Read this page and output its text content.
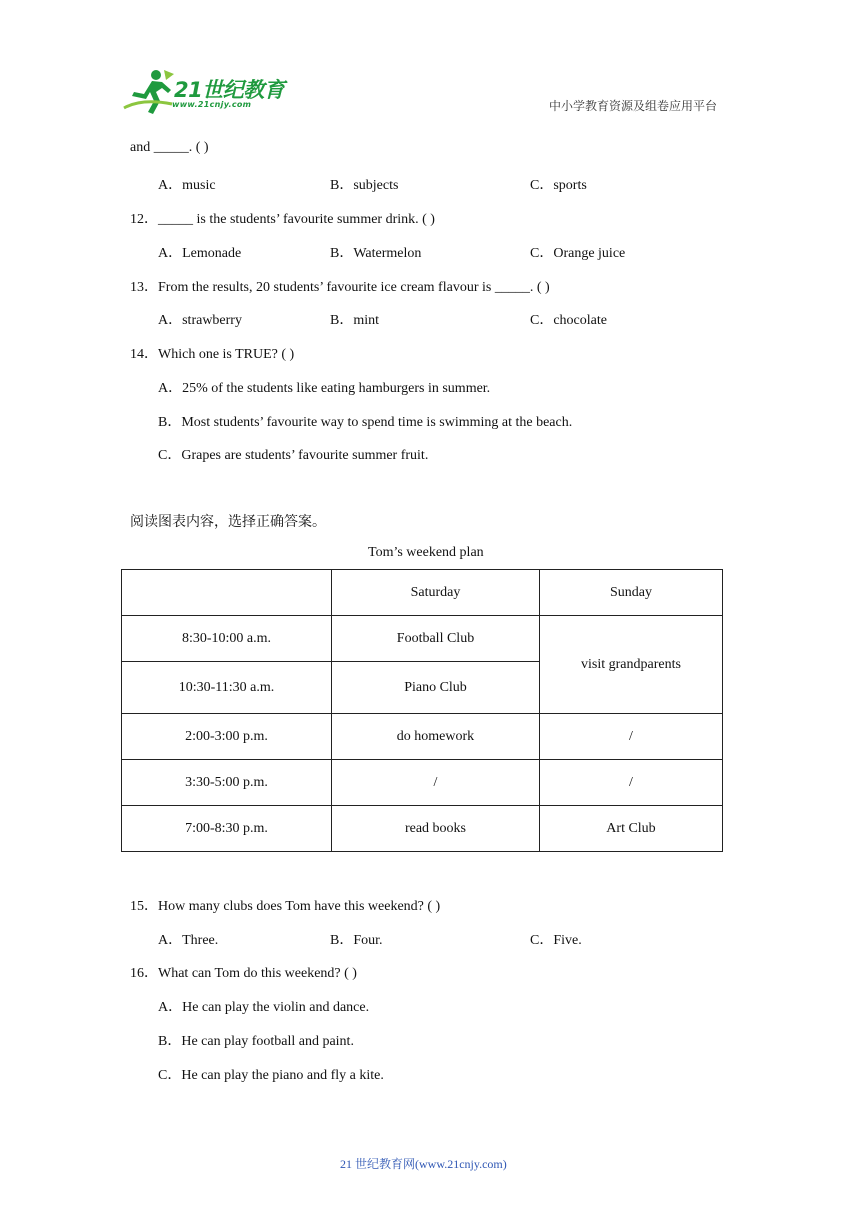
21世纪教育
www.21cnjy.com	中小学教育资源及组卷应用平台
and _____. ( )
A．music	B．subjects	C．sports
12．_____ is the students’ favourite summer drink. ( )
A．Lemonade	B．Watermelon	C．Orange juice
13．From the results, 20 students’ favourite ice cream flavour is _____. ( )
A．strawberry	B．mint	C．chocolate
14．Which one is TRUE? ( )
A．25% of the students like eating hamburgers in summer.
B．Most students’ favourite way to spend time is swimming at the beach.
C．Grapes are students’ favourite summer fruit.
阅读图表内容，选择正确答案。
Tom’s weekend plan
	Saturday	Sunday
8:30-10:00 a.m.	Football Club	visit grandparents
10:30-11:30 a.m.	Piano Club	
2:00-3:00 p.m.	do homework	/
3:30-5:00 p.m.	/	/
7:00-8:30 p.m.	read books	Art Club
15．How many clubs does Tom have this weekend? ( )
A．Three.	B．Four.	C．Five.
16．What can Tom do this weekend? ( )
A．He can play the violin and dance.
B．He can play football and paint.
C．He can play the piano and fly a kite.
21 世纪教育网(www.21cnjy.com)
